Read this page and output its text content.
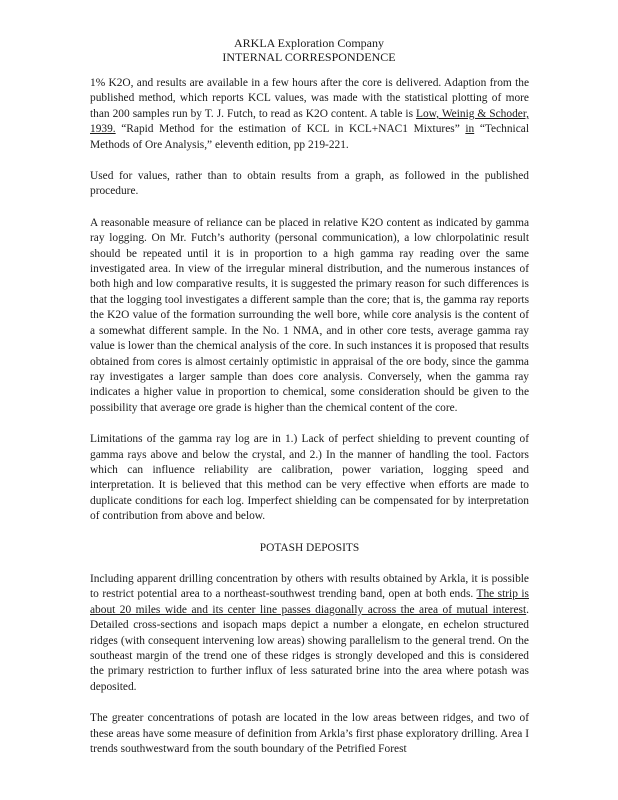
ARKLA Exploration Company
INTERNAL CORRESPONDENCE

1% K2O, and results are available in a few hours after the core is delivered. Adaption from the published method, which reports KCL values, was made with the statistical plotting of more than 200 samples run by T. J. Futch, to read as K2O content. A table is Low, Weinig & Schoder, 1939. “Rapid Method for the estimation of KCL in KCL+NAC1 Mixtures” in “Technical Methods of Ore Analysis,” eleventh edition, pp 219-221.

Used for values, rather than to obtain results from a graph, as followed in the published procedure.

A reasonable measure of reliance can be placed in relative K2O content as indicated by gamma ray logging. On Mr. Futch’s authority (personal communication), a low chlorpolatinic result should be repeated until it is in proportion to a high gamma ray reading over the same investigated area. In view of the irregular mineral distribution, and the numerous instances of both high and low comparative results, it is suggested the primary reason for such differences is that the logging tool investigates a different sample than the core; that is, the gamma ray reports the K2O value of the formation surrounding the well bore, while core analysis is the content of a somewhat different sample. In the No. 1 NMA, and in other core tests, average gamma ray value is lower than the chemical analysis of the core. In such instances it is proposed that results obtained from cores is almost certainly optimistic in appraisal of the ore body, since the gamma ray investigates a larger sample than does core analysis. Conversely, when the gamma ray indicates a higher value in proportion to chemical, some consideration should be given to the possibility that average ore grade is higher than the chemical content of the core.

Limitations of the gamma ray log are in 1.) Lack of perfect shielding to prevent counting of gamma rays above and below the crystal, and 2.) In the manner of handling the tool. Factors which can influence reliability are calibration, power variation, logging speed and interpretation. It is believed that this method can be very effective when efforts are made to duplicate conditions for each log. Imperfect shielding can be compensated for by interpretation of contribution from above and below.

POTASH DEPOSITS

Including apparent drilling concentration by others with results obtained by Arkla, it is possible to restrict potential area to a northeast-southwest trending band, open at both ends. The strip is about 20 miles wide and its center line passes diagonally across the area of mutual interest. Detailed cross-sections and isopach maps depict a number a elongate, en echelon structured ridges (with consequent intervening low areas) showing parallelism to the general trend. On the southeast margin of the trend one of these ridges is strongly developed and this is considered the primary restriction to further influx of less saturated brine into the area where potash was deposited.

The greater concentrations of potash are located in the low areas between ridges, and two of these areas have some measure of definition from Arkla’s first phase exploratory drilling. Area I trends southwestward from the south boundary of the Petrified Forest
